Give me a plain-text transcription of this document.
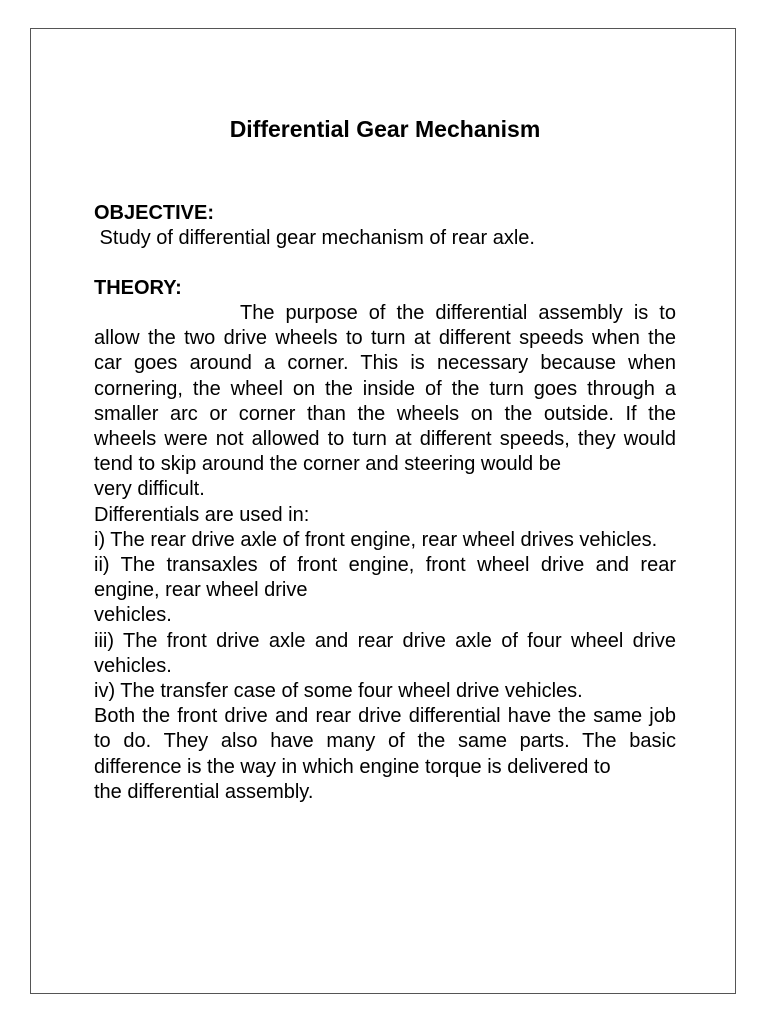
Differential Gear Mechanism
OBJECTIVE:

Study of differential gear mechanism of rear axle.

THEORY:

The purpose of the differential assembly is to allow the two drive wheels to turn at different speeds when the car goes around a corner. This is necessary because when cornering, the wheel on the inside of the turn goes through a smaller arc or corner than the wheels on the outside. If the wheels were not allowed to turn at different speeds, they would tend to skip around the corner and steering would be

very difficult.

Differentials are used in:

i) The rear drive axle of front engine, rear wheel drives vehicles.

ii) The transaxles of front engine, front wheel drive and rear engine, rear wheel drive

vehicles.

iii) The front drive axle and rear drive axle of four wheel drive vehicles.

iv) The transfer case of some four wheel drive vehicles.

Both the front drive and rear drive differential have the same job to do. They also have many of the same parts. The basic difference is the way in which engine torque is delivered to

the differential assembly.
